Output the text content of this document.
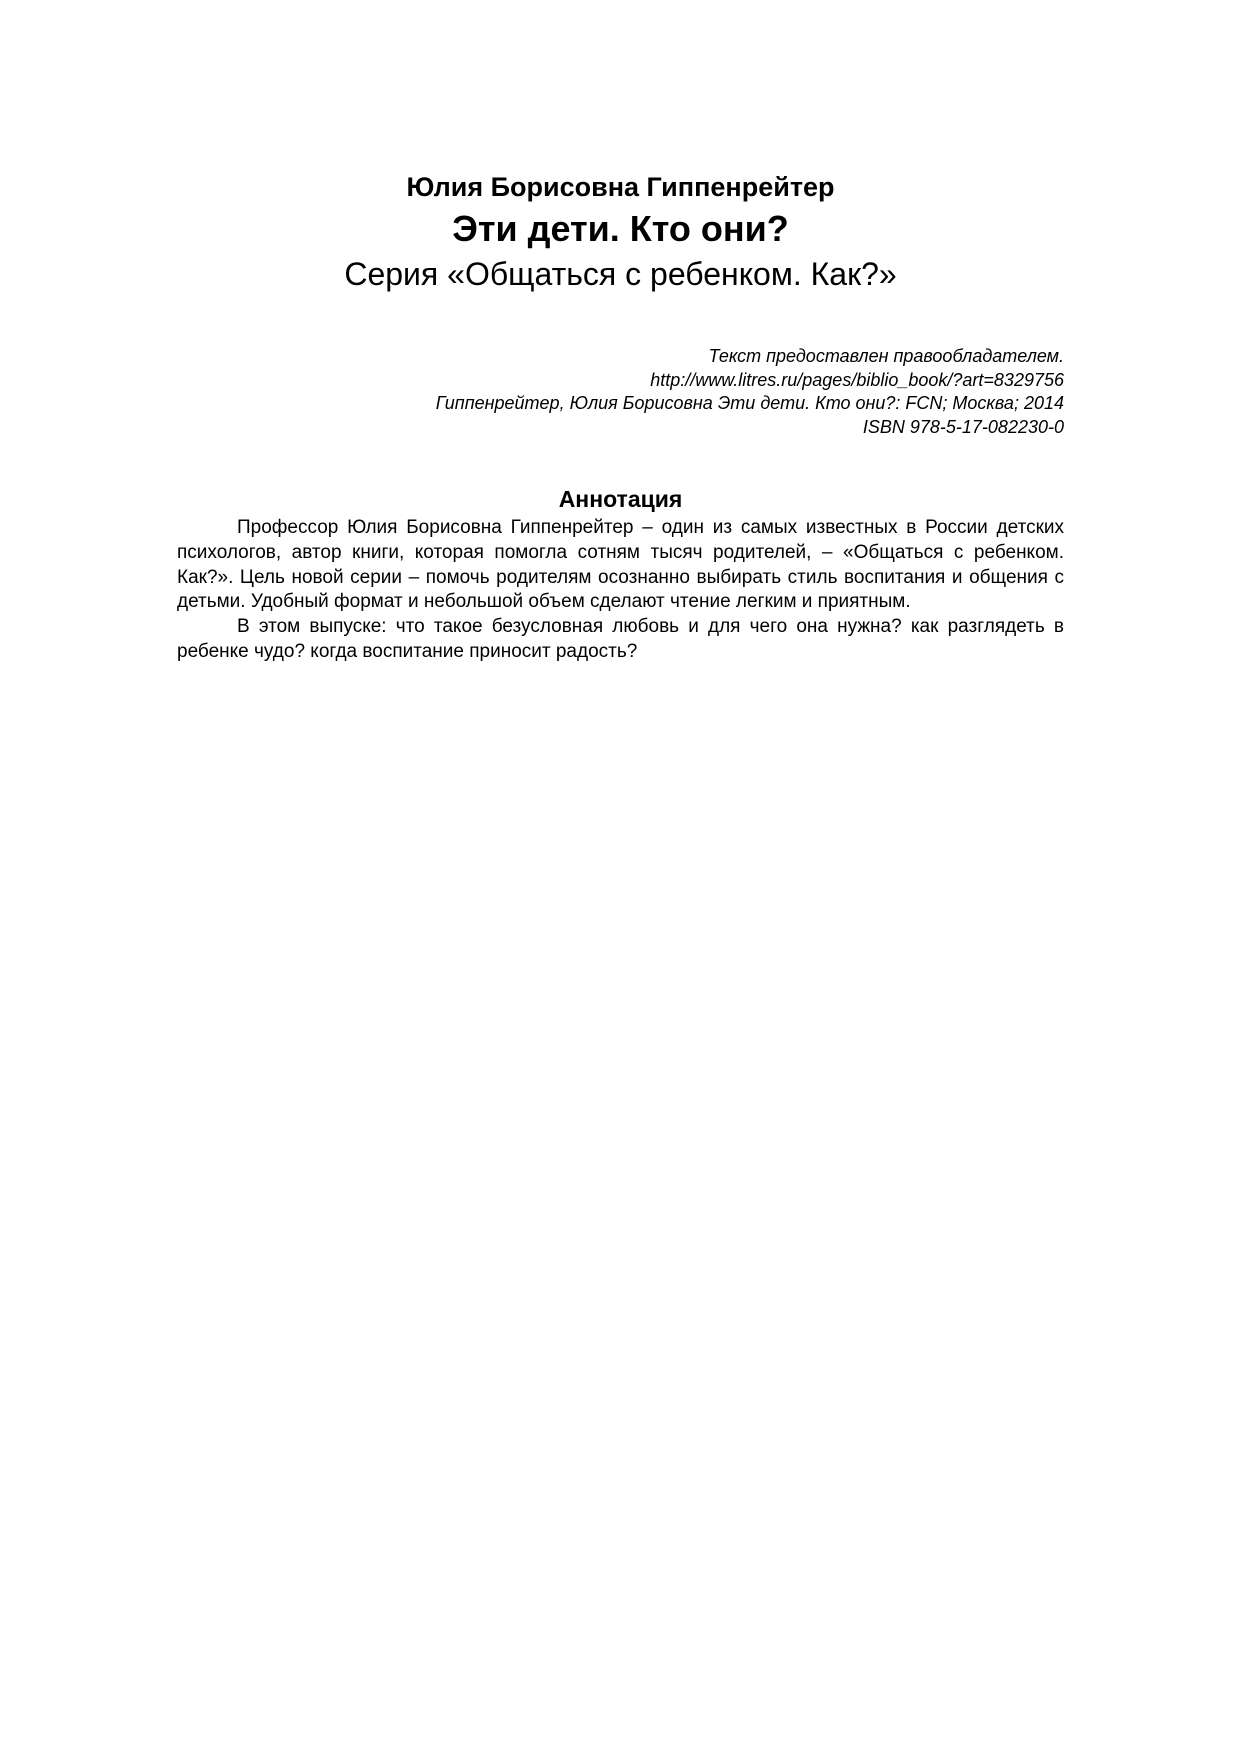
Юлия Борисовна Гиппенрейтер
Эти дети. Кто они?
Серия «Общаться с ребенком. Как?»
Текст предоставлен правообладателем.
http://www.litres.ru/pages/biblio_book/?art=8329756
Гиппенрейтер, Юлия Борисовна Эти дети. Кто они?: FCN; Москва; 2014
ISBN 978-5-17-082230-0
Аннотация

Профессор Юлия Борисовна Гиппенрейтер – один из самых известных в России детских психологов, автор книги, которая помогла сотням тысяч родителей, – «Общаться с ребенком. Как?». Цель новой серии – помочь родителям осознанно выбирать стиль воспитания и общения с детьми. Удобный формат и небольшой объем сделают чтение легким и приятным.

В этом выпуске: что такое безусловная любовь и для чего она нужна? как разглядеть в ребенке чудо? когда воспитание приносит радость?
